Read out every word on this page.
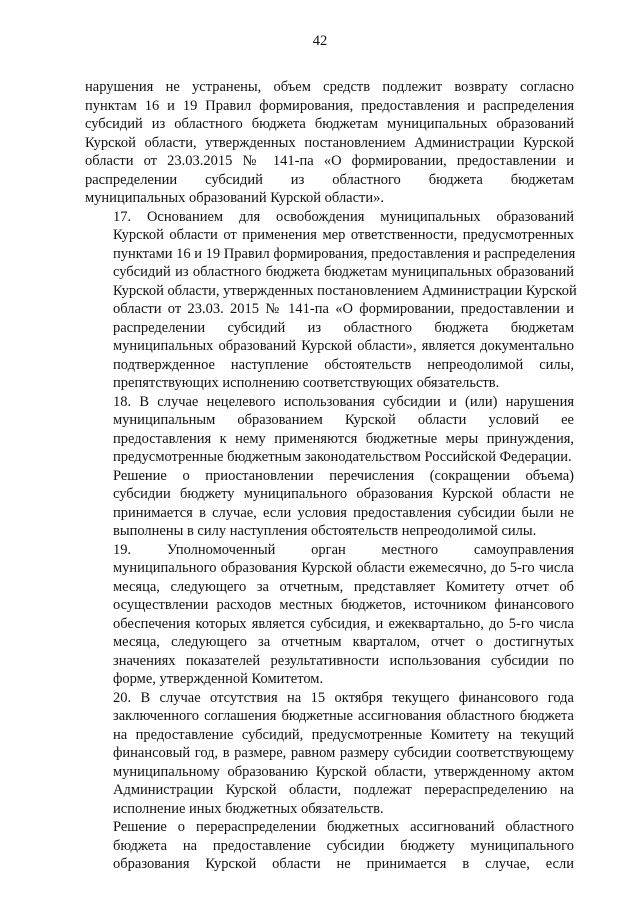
42
нарушения не устранены, объем средств подлежит возврату согласно
пунктам 16 и 19 Правил формирования, предоставления и распределения
субсидий из областного бюджета бюджетам муниципальных образований
Курской области, утвержденных постановлением Администрации Курской
области от 23.03.2015 № 141-па «О формировании, предоставлении и
распределении субсидий из областного бюджета бюджетам
муниципальных образований Курской области».
17. Основанием для освобождения муниципальных образований
Курской области от применения мер ответственности, предусмотренных
пунктами 16 и 19 Правил формирования, предоставления и распределения
субсидий из областного бюджета бюджетам муниципальных образований
Курской области, утвержденных постановлением Администрации Курской
области от 23.03. 2015 № 141-па «О формировании, предоставлении и
распределении субсидий из областного бюджета бюджетам
муниципальных образований Курской области», является документально
подтвержденное наступление обстоятельств непреодолимой силы,
препятствующих исполнению соответствующих обязательств.
18. В случае нецелевого использования субсидии и (или) нарушения
муниципальным образованием Курской области условий ее
предоставления к нему применяются бюджетные меры принуждения,
предусмотренные бюджетным законодательством Российской Федерации.
Решение о приостановлении перечисления (сокращении объема)
субсидии бюджету муниципального образования Курской области не
принимается в случае, если условия предоставления субсидии были не
выполнены в силу наступления обстоятельств непреодолимой силы.
19. Уполномоченный орган местного самоуправления
муниципального образования Курской области ежемесячно, до 5-го числа
месяца, следующего за отчетным, представляет Комитету отчет об
осуществлении расходов местных бюджетов, источником финансового
обеспечения которых является субсидия, и ежеквартально, до 5-го числа
месяца, следующего за отчетным кварталом, отчет о достигнутых
значениях показателей результативности использования субсидии по
форме, утвержденной Комитетом.
20. В случае отсутствия на 15 октября текущего финансового года
заключенного соглашения бюджетные ассигнования областного бюджета
на предоставление субсидий, предусмотренные Комитету на текущий
финансовый год, в размере, равном размеру субсидии соответствующему
муниципальному образованию Курской области, утвержденному актом
Администрации Курской области, подлежат перераспределению на
исполнение иных бюджетных обязательств.
Решение о перераспределении бюджетных ассигнований областного
бюджета на предоставление субсидии бюджету муниципального
образования Курской области не принимается в случае, если
